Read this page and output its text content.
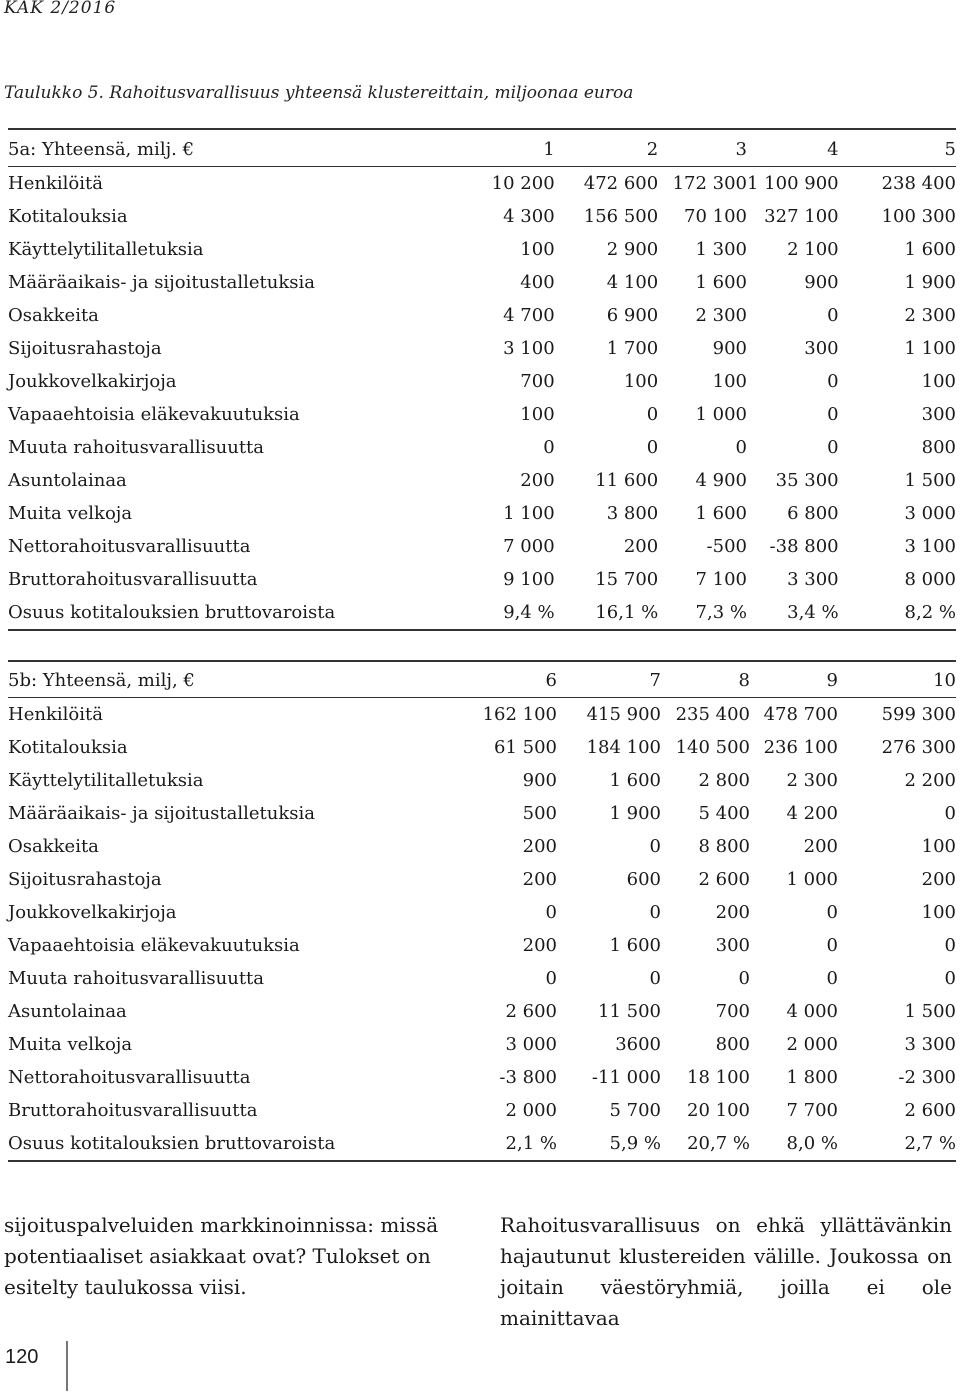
KAK 2/2016
Taulukko 5. Rahoitusvarallisuus yhteensä klustereittain, miljoonaa euroa
5a: Yhteensä, milj. €	1	2	3	4	5
Henkilöitä	10 200	472 600	172 300	1 100 900	238 400
Kotitalouksia	4 300	156 500	70 100	327 100	100 300
Käyttelytilitalletuksia	100	2 900	1 300	2 100	1 600
Määräaikais- ja sijoitustalletuksia	400	4 100	1 600	900	1 900
Osakkeita	4 700	6 900	2 300	0	2 300
Sijoitusrahastoja	3 100	1 700	900	300	1 100
Joukkovelkakirjoja	700	100	100	0	100
Vapaaehtoisia eläkevakuutuksia	100	0	1 000	0	300
Muuta rahoitusvarallisuutta	0	0	0	0	800
Asuntolainaa	200	11 600	4 900	35 300	1 500
Muita velkoja	1 100	3 800	1 600	6 800	3 000
Nettorahoitusvarallisuutta	7 000	200	-500	-38 800	3 100
Bruttorahoitusvarallisuutta	9 100	15 700	7 100	3 300	8 000
Osuus kotitalouksien bruttovaroista	9,4 %	16,1 %	7,3 %	3,4 %	8,2 %
5b: Yhteensä, milj, €	6	7	8	9	10
Henkilöitä	162 100	415 900	235 400	478 700	599 300
Kotitalouksia	61 500	184 100	140 500	236 100	276 300
Käyttelytilitalletuksia	900	1 600	2 800	2 300	2 200
Määräaikais- ja sijoitustalletuksia	500	1 900	5 400	4 200	0
Osakkeita	200	0	8 800	200	100
Sijoitusrahastoja	200	600	2 600	1 000	200
Joukkovelkakirjoja	0	0	200	0	100
Vapaaehtoisia eläkevakuutuksia	200	1 600	300	0	0
Muuta rahoitusvarallisuutta	0	0	0	0	0
Asuntolainaa	2 600	11 500	700	4 000	1 500
Muita velkoja	3 000	3600	800	2 000	3 300
Nettorahoitusvarallisuutta	-3 800	-11 000	18 100	1 800	-2 300
Bruttorahoitusvarallisuutta	2 000	5 700	20 100	7 700	2 600
Osuus kotitalouksien bruttovaroista	2,1 %	5,9 %	20,7 %	8,0 %	2,7 %
sijoituspalveluiden markkinoinnissa: missä potentiaaliset asiakkaat ovat? Tulokset on esitelty taulukossa viisi.
Rahoitusvarallisuus on ehkä yllättävänkin hajautunut klustereiden välille. Joukossa on joitain väestöryhmiä, joilla ei ole mainittavaa
120
